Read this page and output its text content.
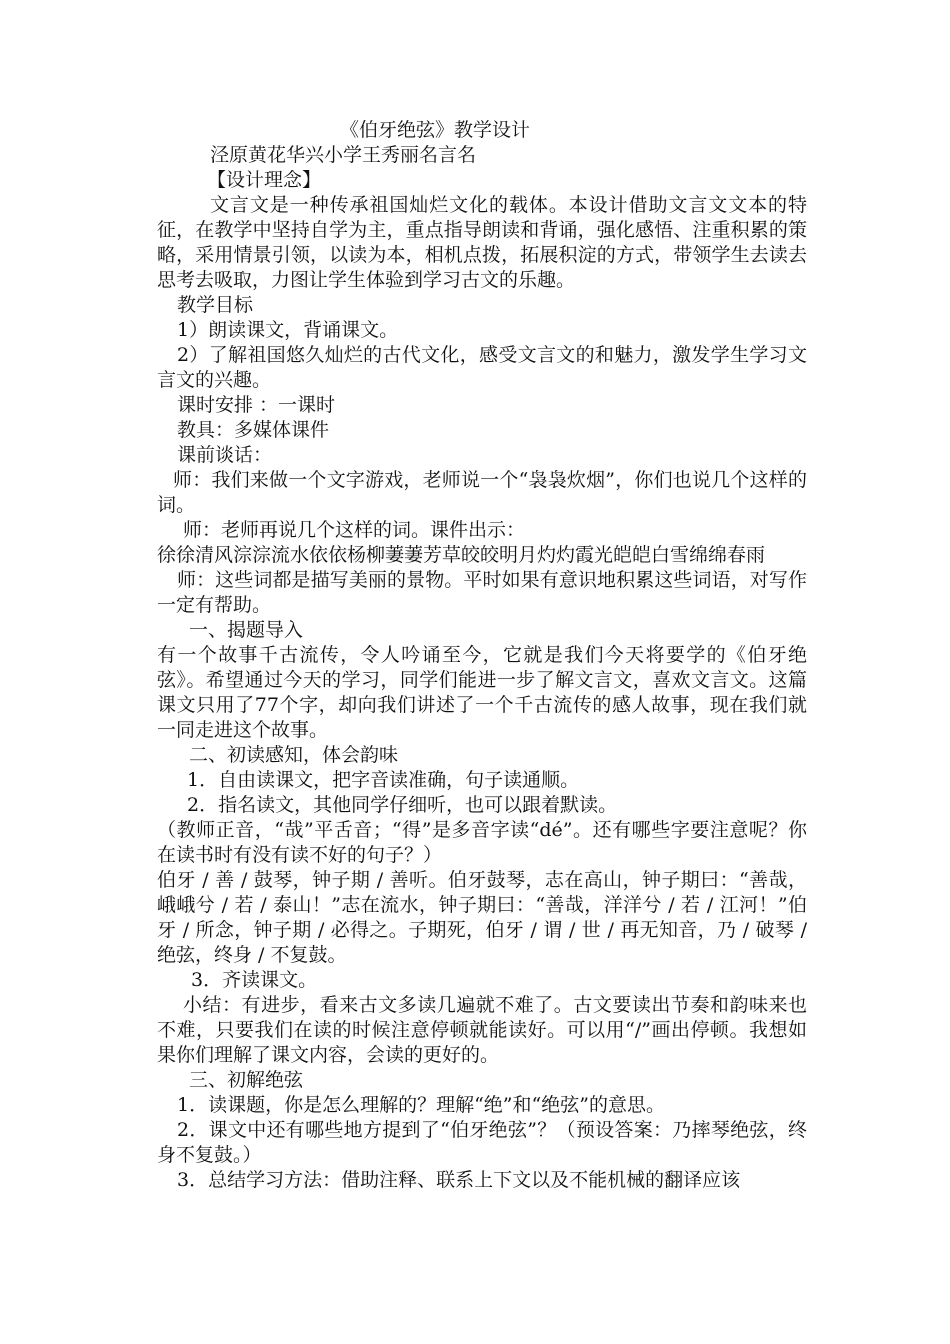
《伯牙绝弦》教学设计
泾原黄花华兴小学王秀丽名言名
【设计理念】
文言文是一种传承祖国灿烂文化的载体。本设计借助文言文文本的特征，在教学中坚持自学为主，重点指导朗读和背诵，强化感悟、注重积累的策略，采用情景引领，以读为本，相机点拨，拓展积淀的方式，带领学生去读去思考去吸取，力图让学生体验到学习古文的乐趣。
教学目标
1）朗读课文，背诵课文。
2）了解祖国悠久灿烂的古代文化，感受文言文的和魅力，激发学生学习文言文的兴趣。
课时安排 ：一课时
教具：多媒体课件
课前谈话：
师：我们来做一个文字游戏，老师说一个“袅袅炊烟”，你们也说几个这样的词。
师：老师再说几个这样的词。课件出示：
徐徐清风淙淙流水依依杨柳萋萋芳草皎皎明月灼灼霞光皑皑白雪绵绵春雨
师：这些词都是描写美丽的景物。平时如果有意识地积累这些词语，对写作一定有帮助。
一、揭题导入
有一个故事千古流传，令人吟诵至今，它就是我们今天将要学的《伯牙绝弦》。希望通过今天的学习，同学们能进一步了解文言文，喜欢文言文。这篇课文只用了77个字，却向我们讲述了一个千古流传的感人故事，现在我们就一同走进这个故事。
二、初读感知，体会韵味
1．自由读课文，把字音读准确，句子读通顺。
2．指名读文，其他同学仔细听，也可以跟着默读。
（教师正音，“哉”平舌音；“得”是多音字读“dé”。还有哪些字要注意呢？你在读书时有没有读不好的句子？）
伯牙 / 善 / 鼓琴，钟子期 / 善听。伯牙鼓琴，志在高山，钟子期曰：“善哉，峨峨兮 / 若 / 泰山！”志在流水，钟子期曰：“善哉，洋洋兮 / 若 / 江河！”伯牙 / 所念，钟子期 / 必得之。子期死，伯牙 / 谓 / 世 / 再无知音，乃 / 破琴 / 绝弦，终身 / 不复鼓。
3．齐读课文。
小结：有进步，看来古文多读几遍就不难了。古文要读出节奏和韵味来也不难，只要我们在读的时候注意停顿就能读好。可以用“/”画出停顿。我想如果你们理解了课文内容，会读的更好的。
三、初解绝弦
1．读课题，你是怎么理解的？理解“绝”和“绝弦”的意思。
2．课文中还有哪些地方提到了“伯牙绝弦”？（预设答案：乃摔琴绝弦，终身不复鼓。）
3．总结学习方法：借助注释、联系上下文以及不能机械的翻译应该
